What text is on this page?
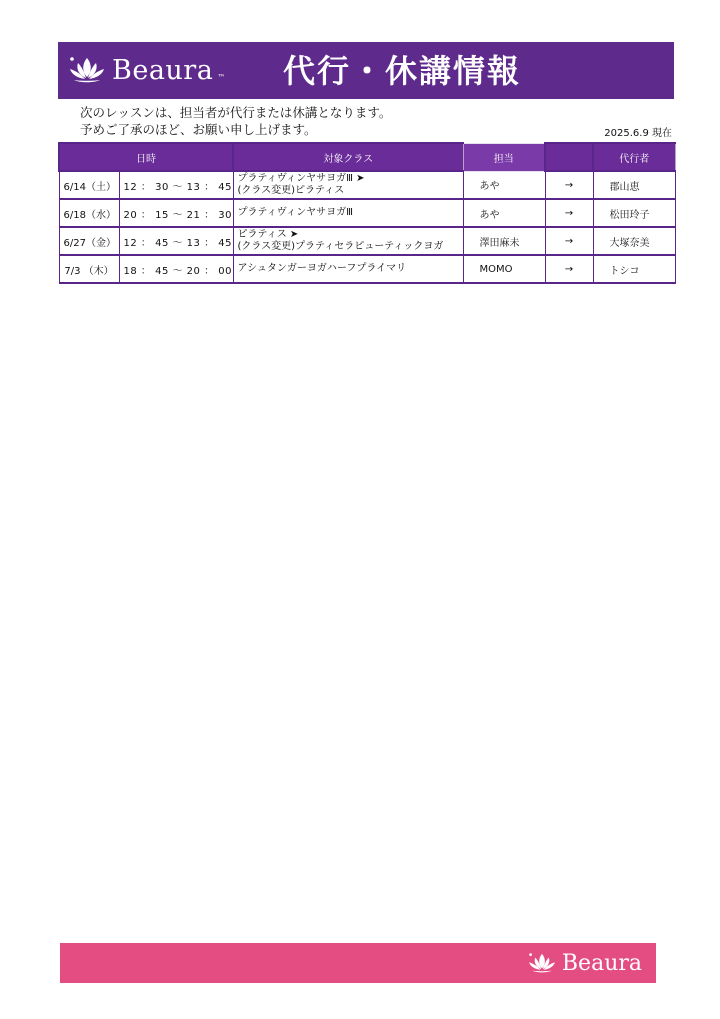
Beaura ™ 代行・休講情報
次のレッスンは、担当者が代行または休講となります。
予めご了承のほど、お願い申し上げます。	2025.6.9 現在
日時		対象クラス	担当		代行者
6/14（土）	12 ： 30 〜 13 ： 45	プラティヴィンヤサヨガⅢ ➤
(クラス変更)ピラティス	あや	→	郡山恵
6/18（水）	20 ： 15 〜 21 ： 30	プラティヴィンヤサヨガⅢ	あや	→	松田玲子
6/27（金）	12 ： 45 〜 13 ： 45	ピラティス ➤
(クラス変更)プラティセラピューティックヨガ	澤田麻未	→	大塚奈美
7/3 （木）	18 ： 45 〜 20 ： 00	アシュタンガーヨガハーフプライマリ	MOMO	→	トシコ
Beaura
